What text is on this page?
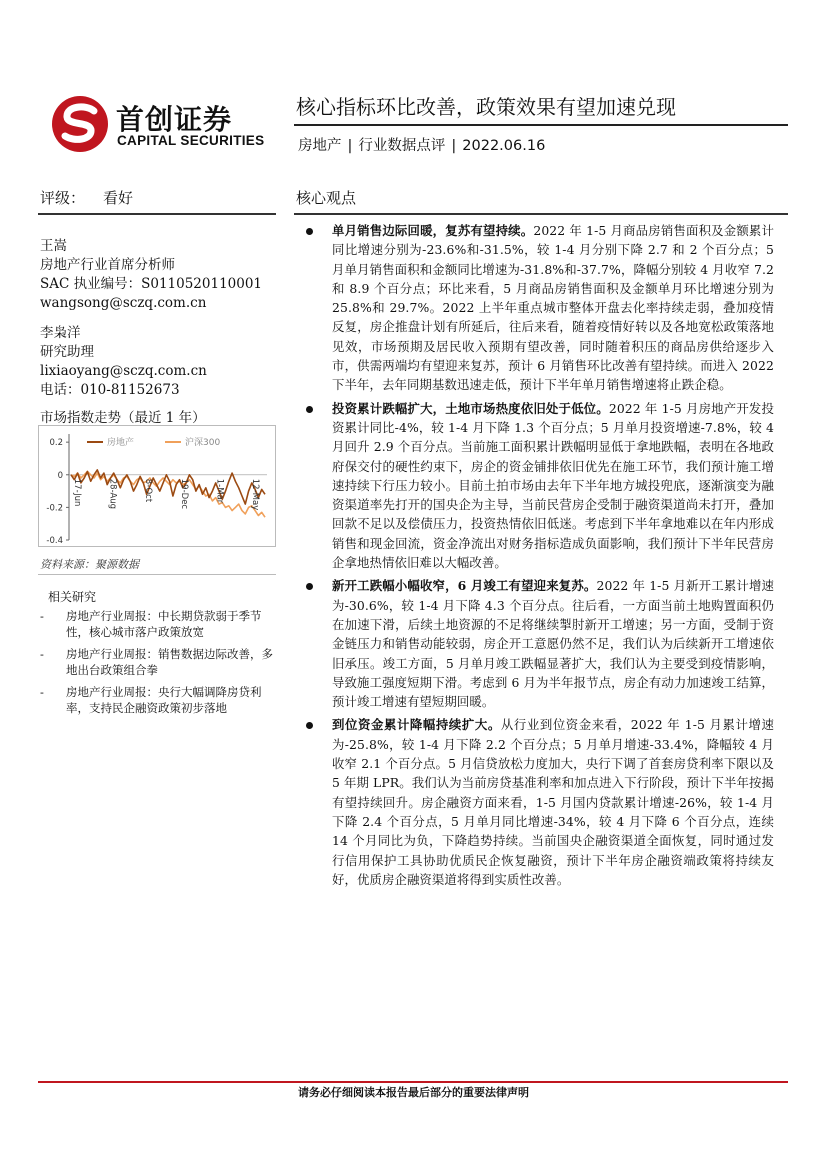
首创证券
CAPITAL SECURITIES
核心指标环比改善，政策效果有望加速兑现
房地产 | 行业数据点评 | 2022.06.16
评级： 看好
王嵩
房地产行业首席分析师
SAC 执业编号：S0110520110001
wangsong@sczq.com.cn
李枭洋
研究助理
lixiaoyang@sczq.com.cn
电话：010-81152673
市场指数走势（最近 1 年）
0.2
0
-0.2
-0.4
17-Jun	28-Aug	8-Oct	19-Dec	1-Mar	12-May
房地产	沪深300
资料来源：聚源数据
相关研究
- 房地产行业周报：中长期贷款弱于季节性，核心城市落户政策放宽
- 房地产行业周报：销售数据边际改善，多地出台政策组合拳
- 房地产行业周报：央行大幅调降房贷利率，支持民企融资政策初步落地
核心观点
单月销售边际回暖，复苏有望持续。2022 年 1-5 月商品房销售面积及金额累计同比增速分别为-23.6%和-31.5%，较 1-4 月分别下降 2.7 和 2 个百分点；5 月单月销售面积和金额同比增速为-31.8%和-37.7%，降幅分别较 4 月收窄 7.2 和 8.9 个百分点；环比来看，5 月商品房销售面积及金额单月环比增速分别为 25.8%和 29.7%。2022 上半年重点城市整体开盘去化率持续走弱，叠加疫情反复，房企推盘计划有所延后，往后来看，随着疫情好转以及各地宽松政策落地见效，市场预期及居民收入预期有望改善，同时随着积压的商品房供给逐步入市，供需两端均有望迎来复苏，预计 6 月销售环比改善有望持续。而进入 2022 下半年，去年同期基数迅速走低，预计下半年单月销售增速将止跌企稳。
投资累计跌幅扩大，土地市场热度依旧处于低位。2022 年 1-5 月房地产开发投资累计同比-4%，较 1-4 月下降 1.3 个百分点；5 月单月投资增速-7.8%，较 4 月回升 2.9 个百分点。当前施工面积累计跌幅明显低于拿地跌幅，表明在各地政府保交付的硬性约束下，房企的资金铺排依旧优先在施工环节，我们预计施工增速持续下行压力较小。目前土拍市场由去年下半年地方城投兜底，逐渐演变为融资渠道率先打开的国央企为主导，当前民营房企受制于融资渠道尚未打开，叠加回款不足以及偿债压力，投资热情依旧低迷。考虑到下半年拿地难以在年内形成销售和现金回流，资金净流出对财务指标造成负面影响，我们预计下半年民营房企拿地热情依旧难以大幅改善。
新开工跌幅小幅收窄，6 月竣工有望迎来复苏。2022 年 1-5 月新开工累计增速为-30.6%，较 1-4 月下降 4.3 个百分点。往后看，一方面当前土地购置面积仍在加速下滑，后续土地资源的不足将继续掣肘新开工增速；另一方面，受制于资金链压力和销售动能较弱，房企开工意愿仍然不足，我们认为后续新开工增速依旧承压。竣工方面，5 月单月竣工跌幅显著扩大，我们认为主要受到疫情影响，导致施工强度短期下滑。考虑到 6 月为半年报节点，房企有动力加速竣工结算，预计竣工增速有望短期回暖。
到位资金累计降幅持续扩大。从行业到位资金来看，2022 年 1-5 月累计增速为-25.8%，较 1-4 月下降 2.2 个百分点；5 月单月增速-33.4%，降幅较 4 月收窄 2.1 个百分点。5 月信贷放松力度加大，央行下调了首套房贷利率下限以及 5 年期 LPR。我们认为当前房贷基准利率和加点进入下行阶段，预计下半年按揭有望持续回升。房企融资方面来看，1-5 月国内贷款累计增速-26%，较 1-4 月下降 2.4 个百分点，5 月单月同比增速-34%，较 4 月下降 6 个百分点，连续 14 个月同比为负，下降趋势持续。当前国央企融资渠道全面恢复，同时通过发行信用保护工具协助优质民企恢复融资，预计下半年房企融资端政策将持续友好，优质房企融资渠道将得到实质性改善。
请务必仔细阅读本报告最后部分的重要法律声明
